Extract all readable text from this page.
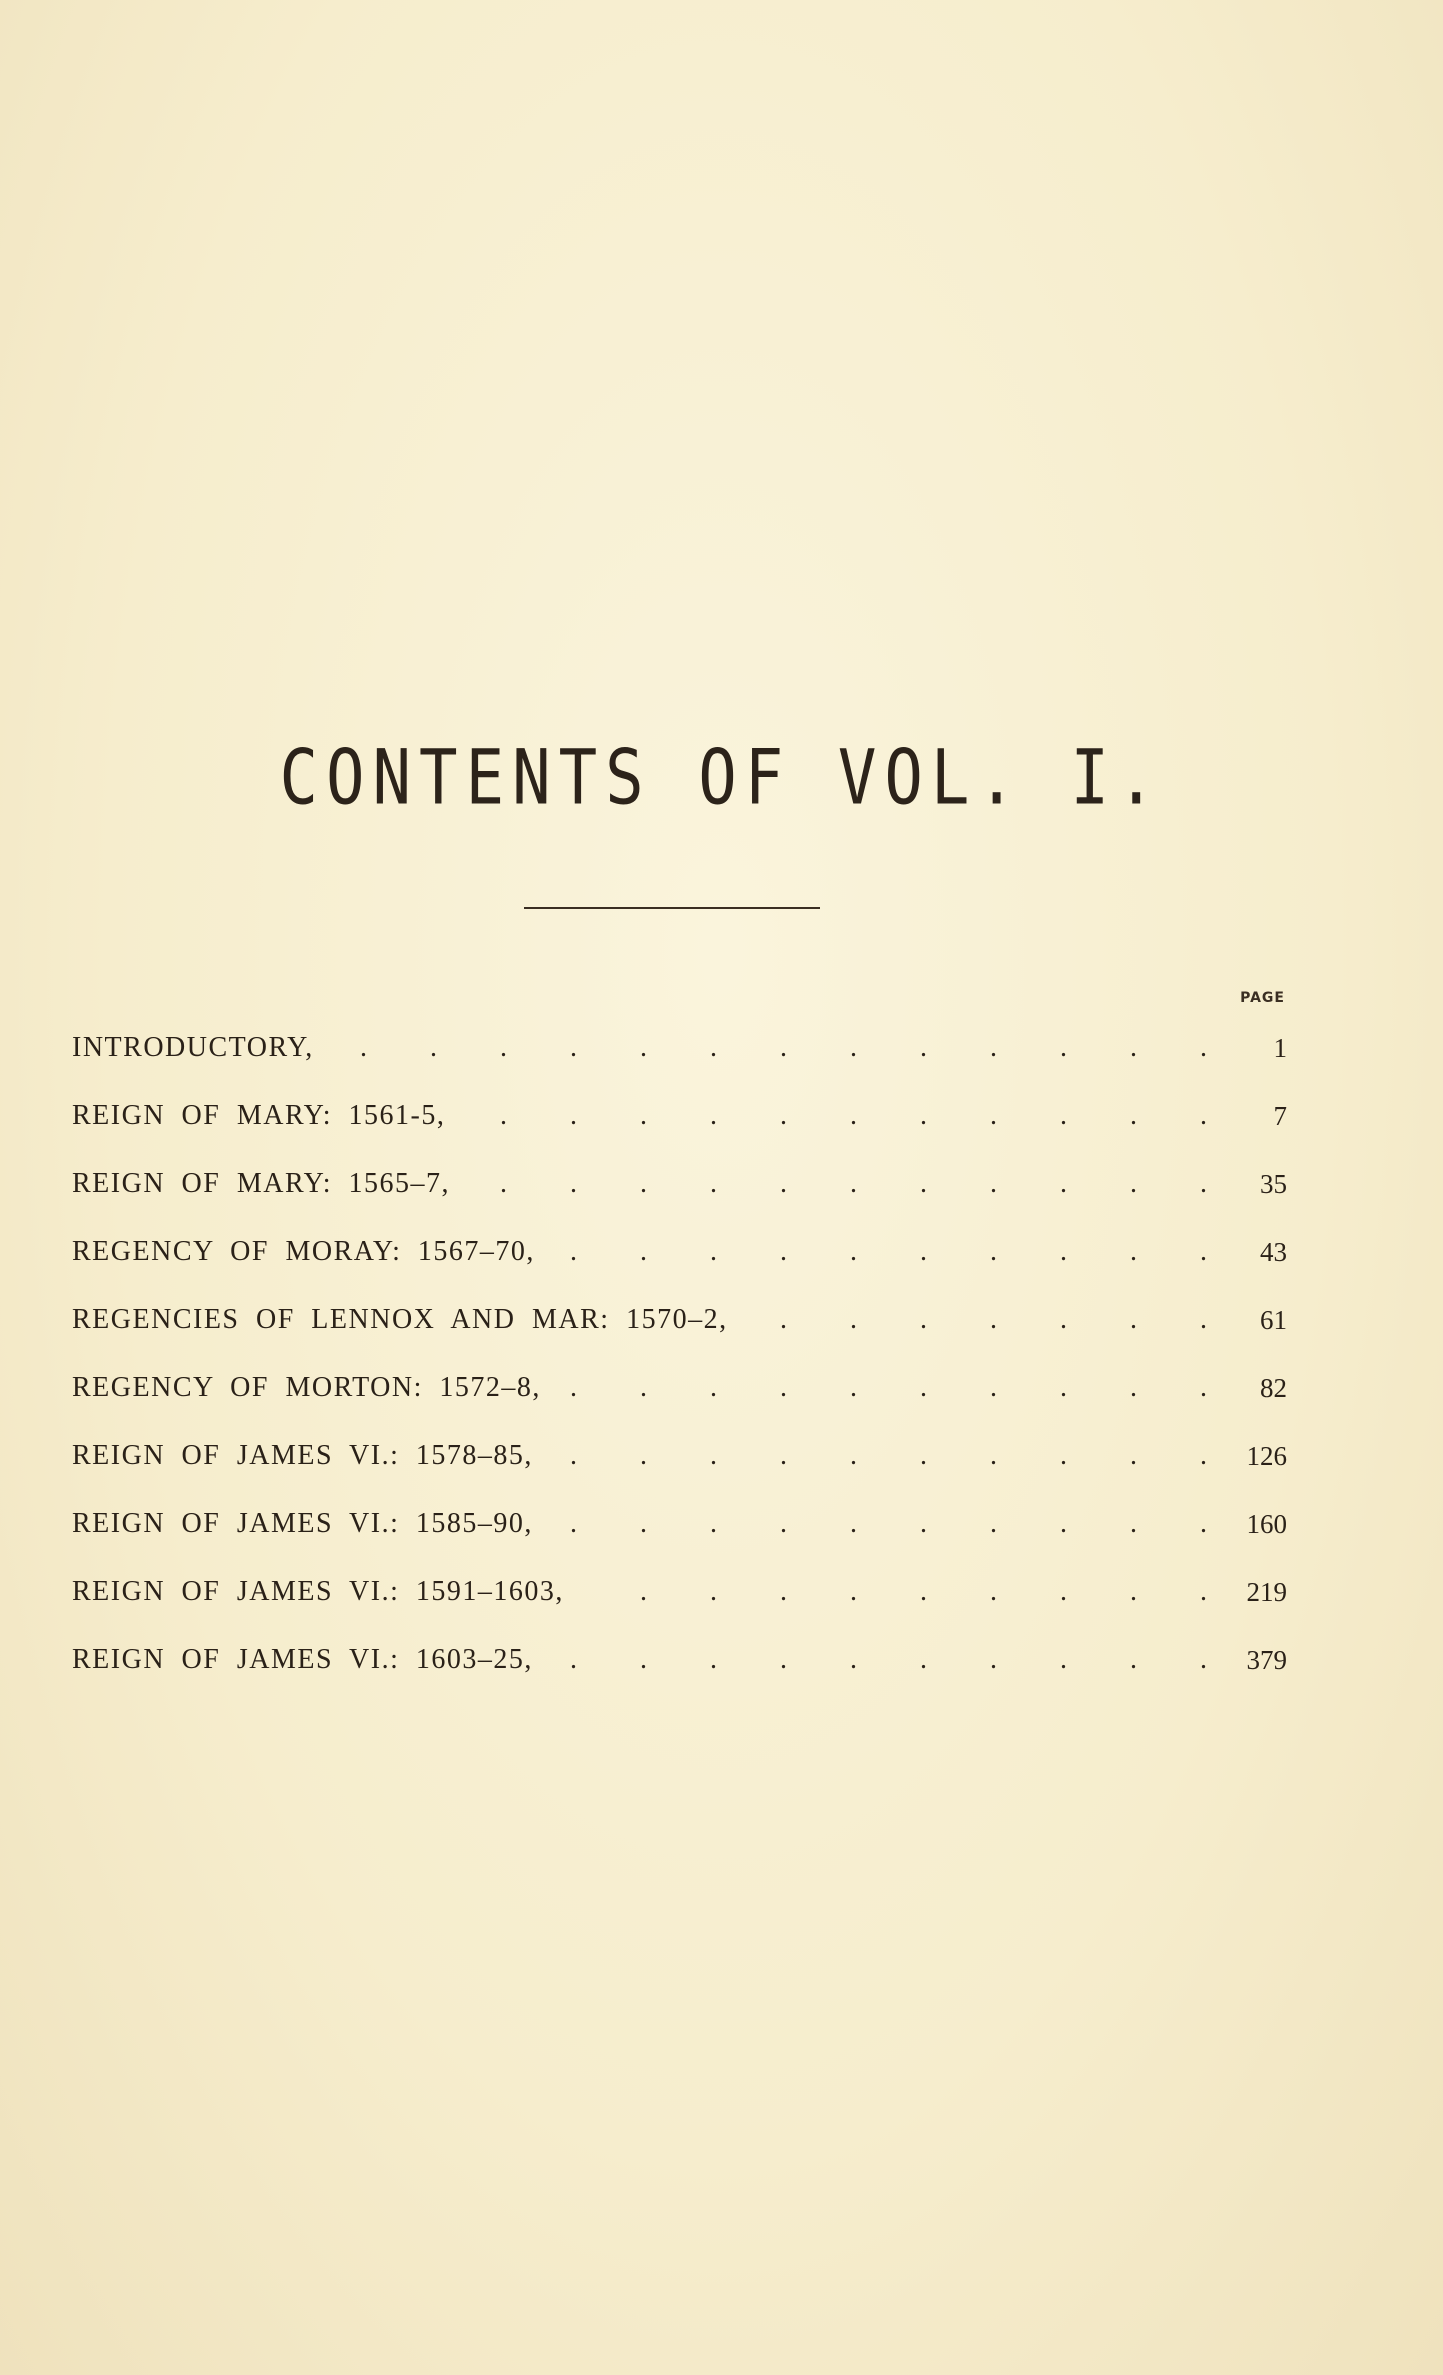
CONTENTS OF VOL. I.
PAGE
INTRODUCTORY, .	1
REIGN OF MARY: 1561-5, .	7
REIGN OF MARY: 1565–7, .	35
REGENCY OF MORAY: 1567–70, .	43
REGENCIES OF LENNOX AND MAR: 1570–2, .	61
REGENCY OF MORTON: 1572–8, .	82
REIGN OF JAMES VI.: 1578–85, .	126
REIGN OF JAMES VI.: 1585–90, .	160
REIGN OF JAMES VI.: 1591–1603, .	219
REIGN OF JAMES VI.: 1603–25, .	379
